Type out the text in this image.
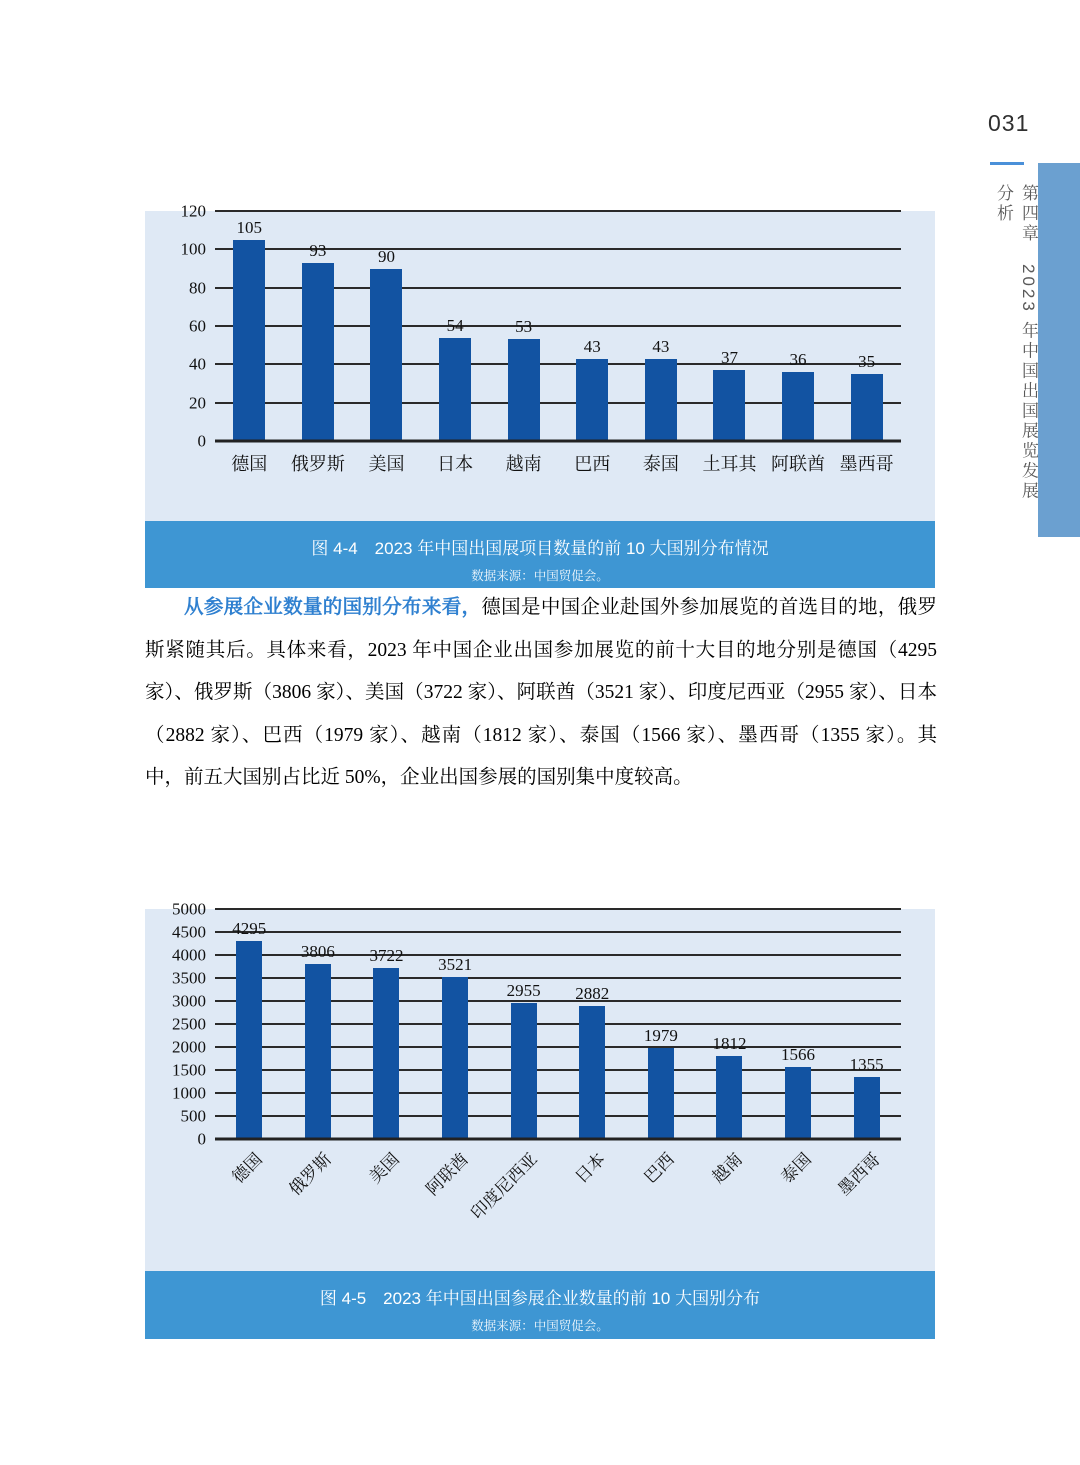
031
第四章　2023 年中国出国展览发展分析
0
20
40
60
80
100
120
105
93	90
54	53
43	43
37	36	35
德国	俄罗斯	美国	日本	越南	巴西	泰国	土耳其 阿联酋 墨西哥
图 4-4　2023 年中国出国展项目数量的前 10 大国别分布情况
数据来源：中国贸促会。

从参展企业数量的国别分布来看，德国是中国企业赴国外参加展览的首选目的地，俄罗斯紧随其后。具体来看，2023 年中国企业出国参加展览的前十大目的地分别是德国（4295 家）、俄罗斯（3806 家）、美国（3722 家）、阿联酋（3521 家）、印度尼西亚（2955 家）、日本（2882 家）、巴西（1979 家）、越南（1812 家）、泰国（1566 家）、墨西哥（1355 家）。其中，前五大国别占比近 50%，企业出国参展的国别集中度较高。

0
500
1000
1500
2000
2500
3000
3500
4000
4500
5000
4295
3806 3722 3521
2955 2882
1979 1812
1566
1355
德国 俄罗斯 美国 阿联酋
印度尼西亚 日本 巴西 越南 泰国 墨西哥
图 4-5　2023 年中国出国参展企业数量的前 10 大国别分布
数据来源：中国贸促会。
